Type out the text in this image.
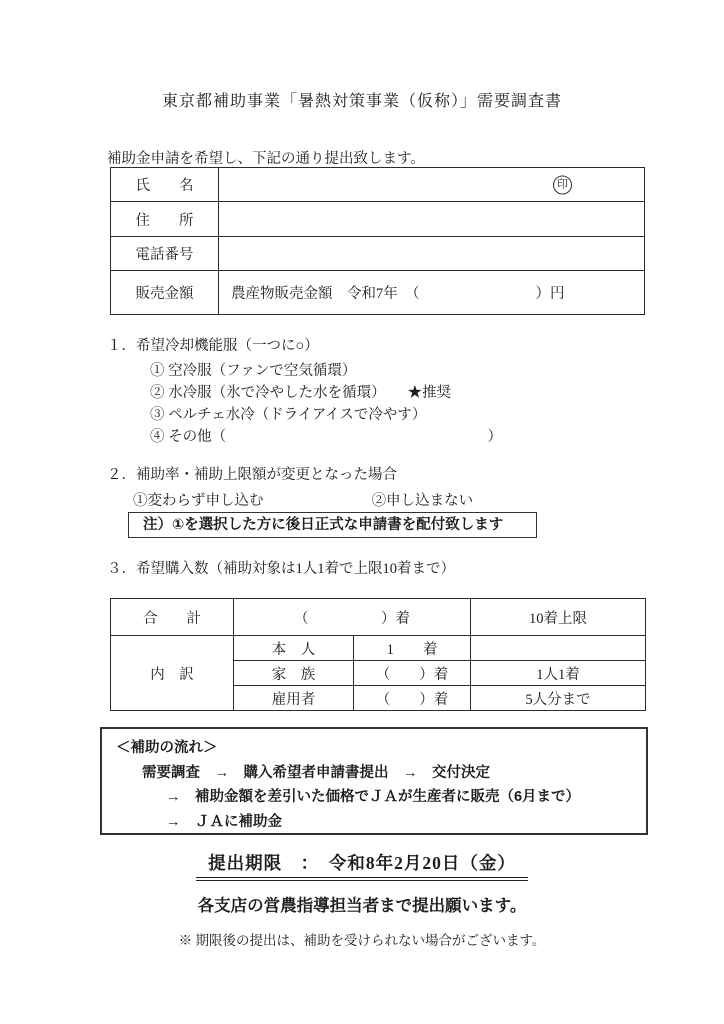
東京都補助事業「暑熱対策事業（仮称）」需要調査書
補助金申請を希望し、下記の通り提出致します。
氏　　名	印

住　　所	
電話番号	
販売金額	農産物販売金額　令和7年　（　　　　　　　　）円
１．希望冷却機能服（一つに○）
① 空冷服（ファンで空気循環）
② 水冷服（氷で冷やした水を循環） ★推奨
③ ペルチェ水冷（ドライアイスで冷やす）
④ その他（	）
２．補助率・補助上限額が変更となった場合
①変わらず申し込む	②申し込まない
注）①を選択した方に後日正式な申請書を配付致します
３．希望購入数（補助対象は1人1着で上限10着まで）
合　　計	（　　　　　）着		10着上限
内　訳	本　人	1　　着	
	家　族	（　　）着	1人1着
	雇用者	（　　）着	5人分まで
＜補助の流れ＞
需要調査　→　購入希望者申請書提出　→　交付決定
→　補助金額を差引いた価格でＪＡが生産者に販売（6月まで）
→　ＪＡに補助金
提出期限　：　令和8年2月20日（金）
各支店の営農指導担当者まで提出願います。
※ 期限後の提出は、補助を受けられない場合がございます。
